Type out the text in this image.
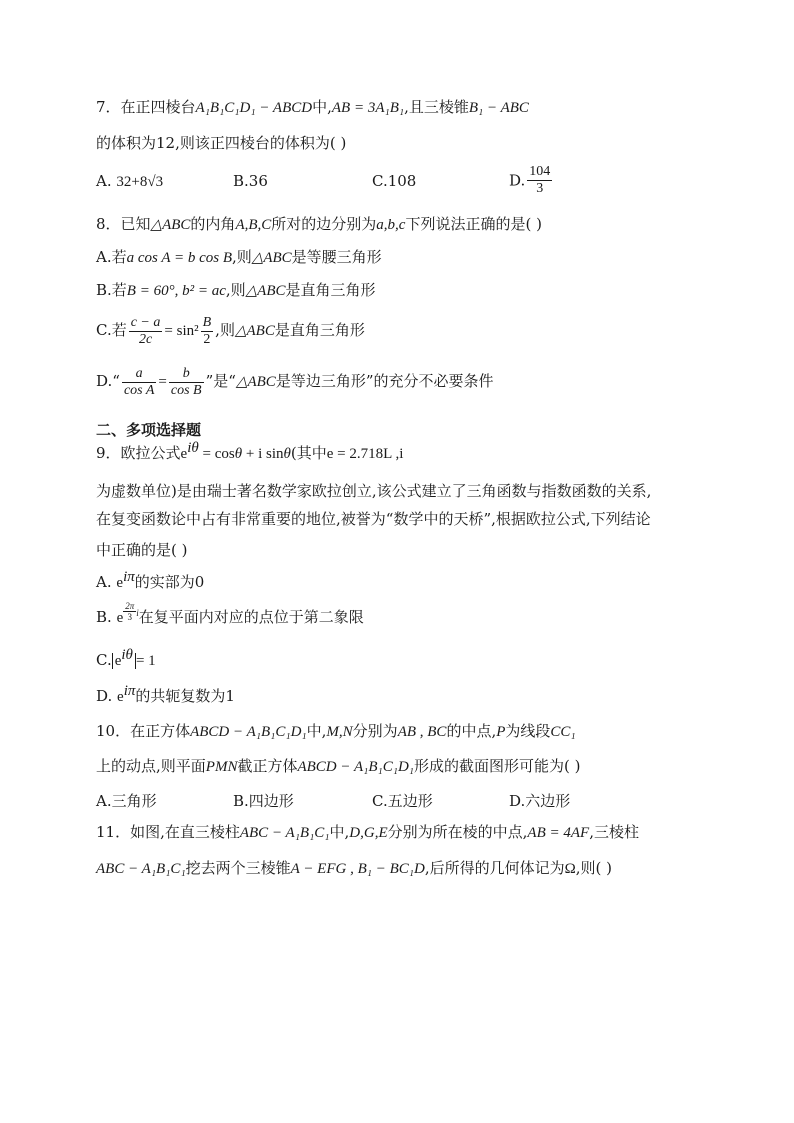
7．在正四棱台A₁B₁C₁D₁ − ABCD中,AB = 3A₁B₁,且三棱锥B₁ − ABC
的体积为12,则该正四棱台的体积为( )
A. 32+8√3	B.36	C.108	D. $\frac{104}{3}$
8．已知△ABC的内角A,B,C所对的边分别为a,b,c下列说法正确的是( )
A.若a cos A = b cos B,则△ABC是等腰三角形
B.若B = 60°, b² = ac,则△ABC是直角三角形
C.若 $\frac{c - a}{2c} = \sin^2 \frac{B}{2}$ ,则△ABC是直角三角形
D.“ $\frac{a}{\text{cos A}} = \frac{b}{\text{cos B}}$ ”是“△ABC是等边三角形”的充分不必要条件
二、多项选择题
9．欧拉公式$e^{i\theta} = \cos\theta + i$ sinθ(其中e = 2.718L ,i
为虚数单位)是由瑞士著名数学家欧拉创立,该公式建立了三角函数与指数函数的关系,
在复变函数论中占有非常重要的地位,被誉为“数学中的天桥”,根据欧拉公式,下列结论
中正确的是( )
A. $e^{i\pi}$的实部为0
B. e $^{\frac{2\pi}{3} i}$在复平面内对应的点位于第二象限
C. $e^{i\theta} = 1$
D. $e^{i\pi}$的共轭复数为1
10．在正方体ABCD − A₁B₁C₁D₁中,M,N分别为AB , BC的中点,P为线段CC₁
上的动点,则平面PMN截正方体ABCD − A₁B₁C₁D₁形成的截面图形可能为( )
A.三角形	B.四边形	C.五边形	D.六边形
11．如图,在直三棱柱ABC − A₁B₁C₁中,D,G,E分别为所在棱的中点,AB = 4AF,三棱柱
ABC − A₁B₁C₁挖去两个三棱锥A − EFG , B₁ − BC₁D,后所得的几何体记为Ω,则( )
